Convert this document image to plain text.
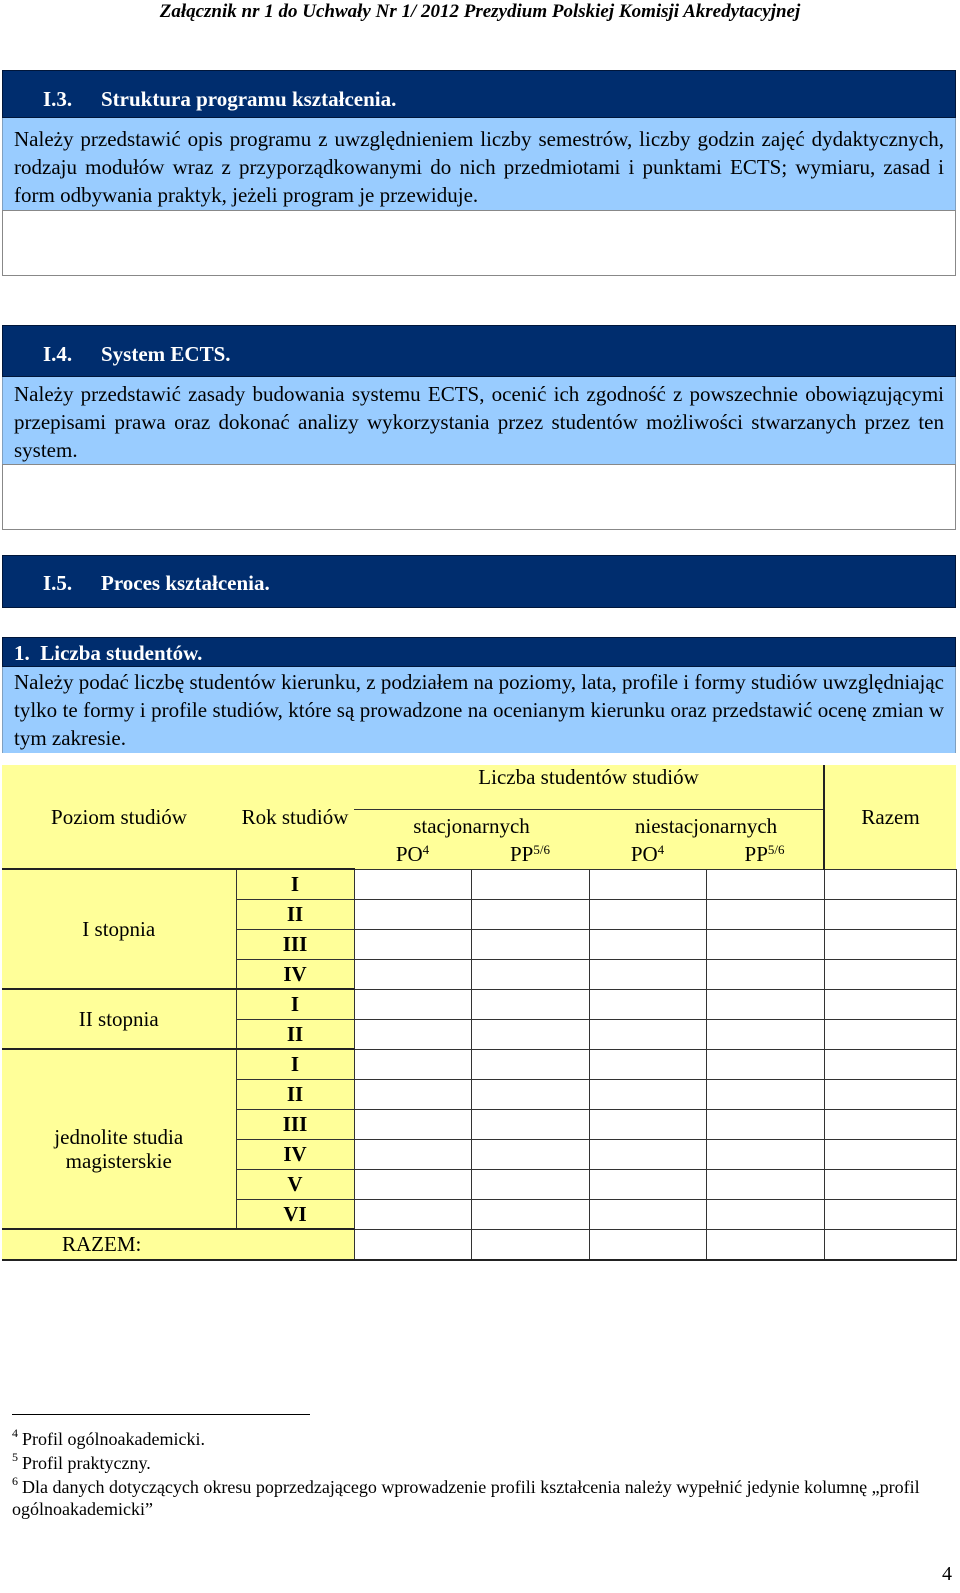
Załącznik nr 1 do Uchwały Nr 1/ 2012 Prezydium Polskiej Komisji Akredytacyjnej
I.3. Struktura programu kształcenia.
Należy przedstawić opis programu z uwzględnieniem liczby semestrów, liczby godzin zajęć dydaktycznych, rodzaju modułów wraz z przyporządkowanymi do nich przedmiotami i punktami ECTS; wymiaru, zasad i form odbywania praktyk, jeżeli program je przewiduje.
I.4. System ECTS.
Należy przedstawić zasady budowania systemu ECTS, ocenić ich zgodność z powszechnie obowiązującymi przepisami prawa oraz dokonać analizy wykorzystania przez studentów możliwości stwarzanych przez ten system.
I.5. Proces kształcenia.
1.  Liczba studentów.
Należy podać liczbę studentów kierunku, z podziałem na poziomy, lata, profile i formy studiów uwzględniając tylko te formy i profile studiów, które są prowadzone na ocenianym kierunku oraz przedstawić ocenę zmian w tym zakresie.
Poziom studiów	Rok studiów	Liczba studentów studiów				Razem
		stacjonarnych		niestacjonarnych		
		$PO^4$	$PP^{5/6}$	$PO^4$	$PP^{5/6}$
I stopnia	I					
	II					
	III					
	IV					
II stopnia	I					
	II					
jednolite studia
magisterskie	I					
	II					
	III					
	IV					
	V					
	VI					
RAZEM:						
$^4$ Profil ogólnoakademicki.
$^5$ Profil praktyczny.
$^6$ Dla danych dotyczących okresu poprzedzającego wprowadzenie profili kształcenia należy wypełnić jedynie kolumnę „profil ogólnoakademicki”
4
